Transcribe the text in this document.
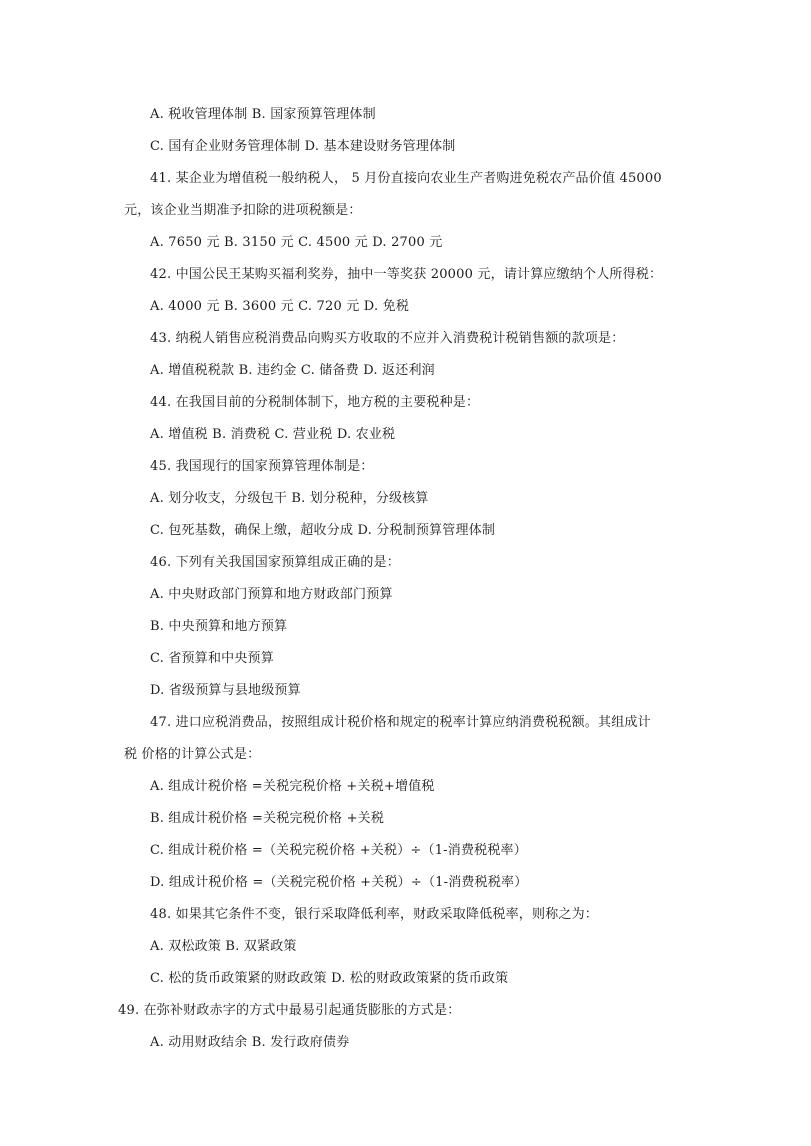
A. 税收管理体制 B. 国家预算管理体制
C. 国有企业财务管理体制 D. 基本建设财务管理体制
41. 某企业为增值税一般纳税人， 5 月份直接向农业生产者购进免税农产品价值 45000
元，该企业当期准予扣除的进项税额是：
A. 7650 元 B. 3150 元 C. 4500 元 D. 2700 元
42. 中国公民王某购买福利奖券，抽中一等奖获 20000 元，请计算应缴纳个人所得税：
A. 4000 元 B. 3600 元 C. 720 元 D. 免税
43. 纳税人销售应税消费品向购买方收取的不应并入消费税计税销售额的款项是：
A. 增值税税款 B. 违约金 C. 储备费 D. 返还利润
44. 在我国目前的分税制体制下，地方税的主要税种是：
A. 增值税 B. 消费税 C. 营业税 D. 农业税
45. 我国现行的国家预算管理体制是：
A. 划分收支，分级包干 B. 划分税种，分级核算
C. 包死基数，确保上缴，超收分成 D. 分税制预算管理体制
46. 下列有关我国国家预算组成正确的是：
A. 中央财政部门预算和地方财政部门预算
B. 中央预算和地方预算
C. 省预算和中央预算
D. 省级预算与县地级预算
47. 进口应税消费品，按照组成计税价格和规定的税率计算应纳消费税税额。其组成计
税 价格的计算公式是：
A. 组成计税价格 =关税完税价格 +关税+增值税
B. 组成计税价格 =关税完税价格 +关税
C. 组成计税价格 =（关税完税价格 +关税）÷（1-消费税税率）
D. 组成计税价格 =（关税完税价格 +关税）÷（1-消费税税率）
48. 如果其它条件不变，银行采取降低利率，财政采取降低税率，则称之为：
A. 双松政策 B. 双紧政策
C. 松的货币政策紧的财政政策 D. 松的财政政策紧的货币政策
49. 在弥补财政赤字的方式中最易引起通货膨胀的方式是：
A. 动用财政结余 B. 发行政府债券
